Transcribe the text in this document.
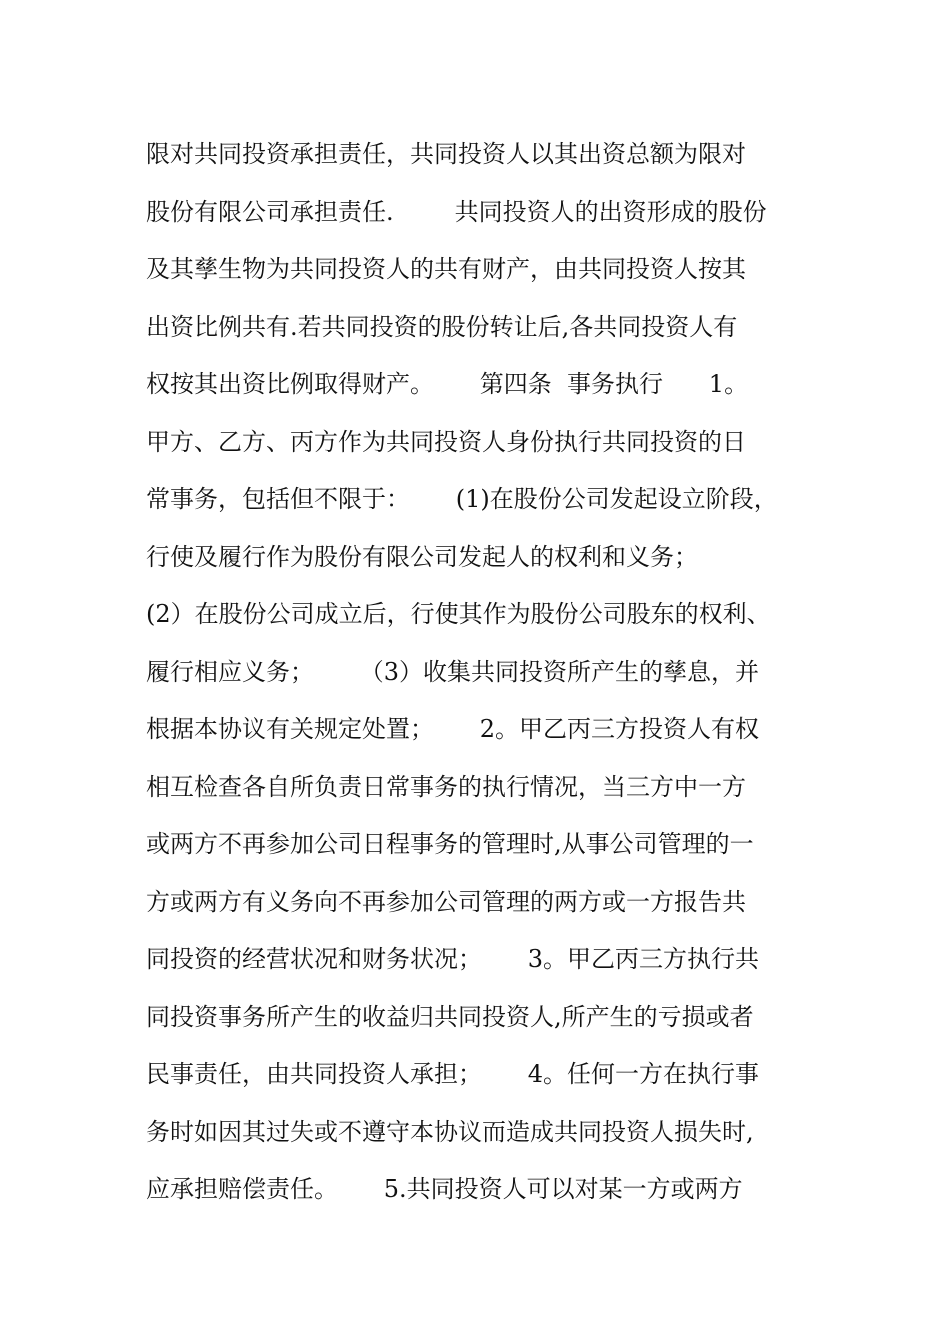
限对共同投资承担责任，共同投资人以其出资总额为限对
股份有限公司承担责任.        共同投资人的出资形成的股份
及其孳生物为共同投资人的共有财产，由共同投资人按其
出资比例共有.若共同投资的股份转让后,各共同投资人有
权按其出资比例取得财产。      第四条  事务执行      1。
甲方、乙方、丙方作为共同投资人身份执行共同投资的日
常事务，包括但不限于：      (1)在股份公司发起设立阶段，
行使及履行作为股份有限公司发起人的权利和义务；
(2）在股份公司成立后，行使其作为股份公司股东的权利、
履行相应义务；      （3）收集共同投资所产生的孳息，并
根据本协议有关规定处置；      2。甲乙丙三方投资人有权
相互检查各自所负责日常事务的执行情况，当三方中一方
或两方不再参加公司日程事务的管理时,从事公司管理的一
方或两方有义务向不再参加公司管理的两方或一方报告共
同投资的经营状况和财务状况；      3。甲乙丙三方执行共
同投资事务所产生的收益归共同投资人,所产生的亏损或者
民事责任，由共同投资人承担；      4。任何一方在执行事
务时如因其过失或不遵守本协议而造成共同投资人损失时,
应承担赔偿责任。      5.共同投资人可以对某一方或两方
